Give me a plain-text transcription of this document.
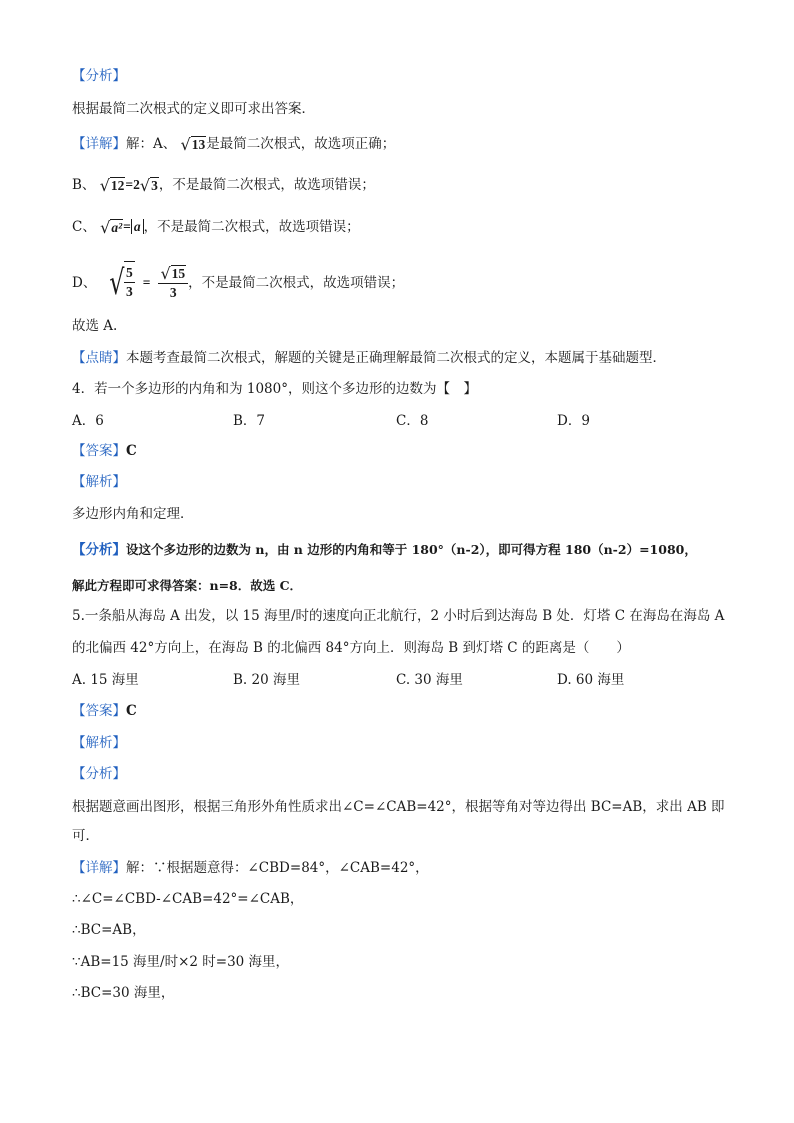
【分析】
根据最简二次根式的定义即可求出答案．
【详解】解：A、 √ 13 是最简二次根式，故选项正确；
B、 √ 12 =2 √ 3 ，不是最简二次根式，故选项错误；
C、 √ a² = a ，不是最简二次根式，故选项错误；
D、 √ $\frac{5}{3} = \frac{√ 15}{3}$ ，不是最简二次根式，故选项错误；
故选 A.
【点睛】本题考查最简二次根式，解题的关键是正确理解最简二次根式的定义，本题属于基础题型．
4．若一个多边形的内角和为 1080°，则这个多边形的边数为【　】
A．6	B．7	C．8	D．9
【答案】C
【解析】
多边形内角和定理．
【分析】设这个多边形的边数为 n，由 n 边形的内角和等于 180°（n-2），即可得方程 180（n-2）=1080，
解此方程即可求得答案：n=8．故选 C．
5.一条船从海岛 A 出发，以 15 海里/时的速度向正北航行，2 小时后到达海岛 B 处．灯塔 C 在海岛在海岛 A
的北偏西 42°方向上，在海岛 B 的北偏西 84°方向上．则海岛 B 到灯塔 C 的距离是（　　）
A. 15 海里	B. 20 海里	C. 30 海里	D. 60 海里
【答案】C
【解析】
【分析】
根据题意画出图形，根据三角形外角性质求出∠C=∠CAB=42°，根据等角对等边得出 BC=AB，求出 AB 即
可．
【详解】解：∵根据题意得：∠CBD=84°，∠CAB=42°，
∴∠C=∠CBD-∠CAB=42°=∠CAB，
∴BC=AB，
∵AB=15 海里/时×2 时=30 海里，
∴BC=30 海里，
